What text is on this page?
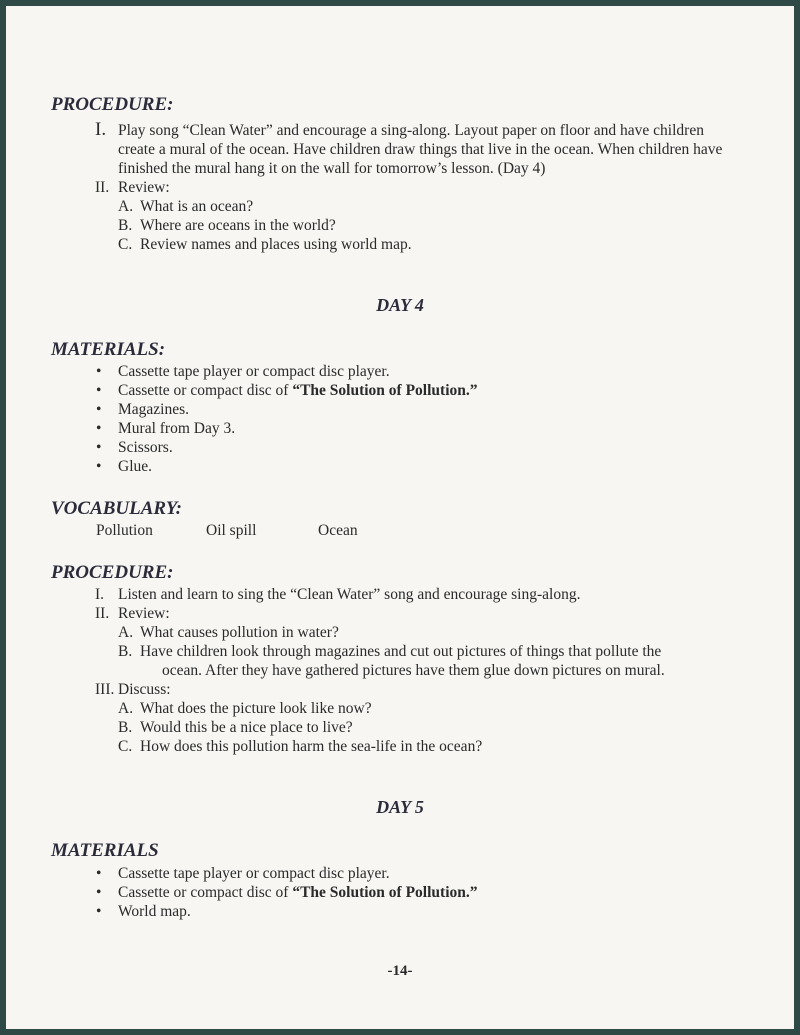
PROCEDURE:
I. Play song “Clean Water” and encourage a sing-along. Layout paper on floor and have children
create a mural of the ocean. Have children draw things that live in the ocean. When children have
finished the mural hang it on the wall for tomorrow’s lesson. (Day 4)
II. Review:
A. What is an ocean?
B. Where are oceans in the world?
C. Review names and places using world map.
DAY 4
MATERIALS:
• Cassette tape player or compact disc player.
• Cassette or compact disc of “The Solution of Pollution.”
• Magazines.
• Mural from Day 3.
• Scissors.
• Glue.
VOCABULARY:
Pollution	Oil spill	Ocean
PROCEDURE:
I. Listen and learn to sing the “Clean Water” song and encourage sing-along.
II. Review:
A. What causes pollution in water?
B. Have children look through magazines and cut out pictures of things that pollute the
ocean. After they have gathered pictures have them glue down pictures on mural.
III. Discuss:
A. What does the picture look like now?
B. Would this be a nice place to live?
C. How does this pollution harm the sea-life in the ocean?
DAY 5
MATERIALS
• Cassette tape player or compact disc player.
• Cassette or compact disc of “The Solution of Pollution.”
• World map.
-14-
